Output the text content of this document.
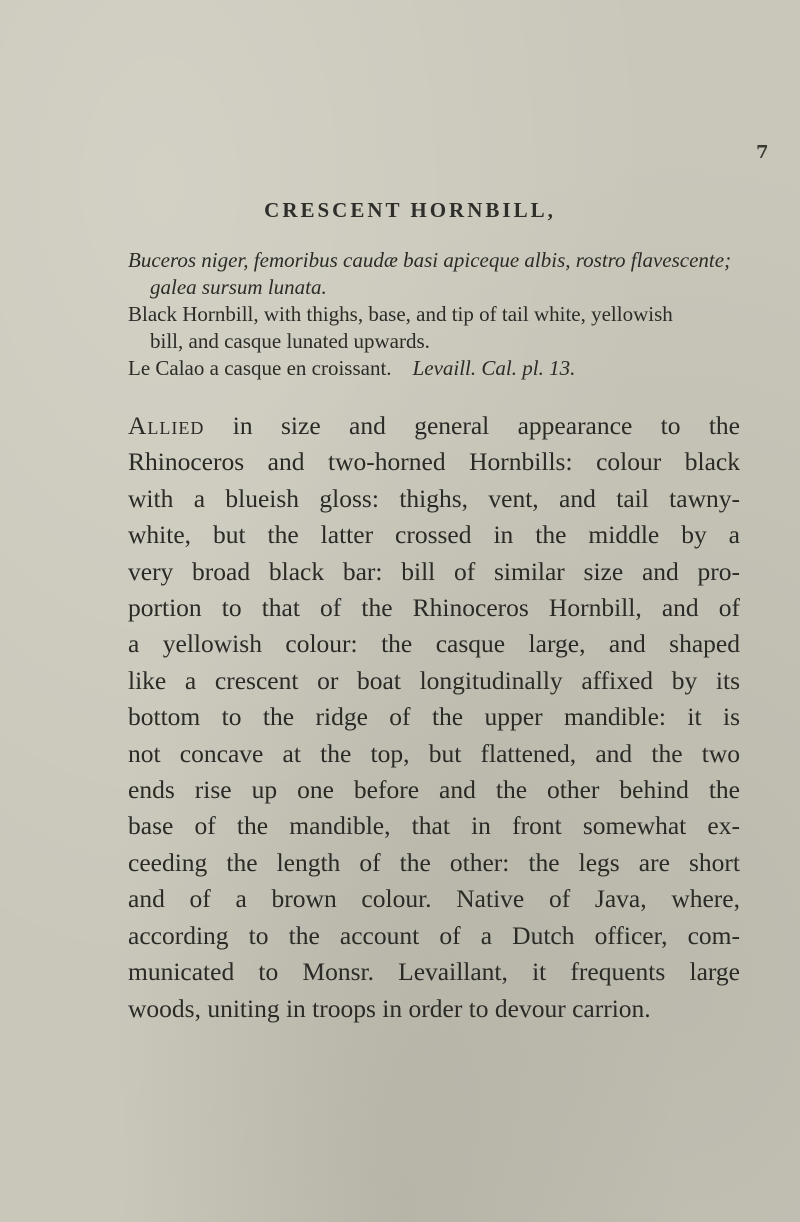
7
CRESCENT HORNBILL,
Buceros niger, femoribus caudæ basi apiceque albis, rostro flavescente;
galea sursum lunata.
Black Hornbill, with thighs, base, and tip of tail white, yellowish
bill, and casque lunated upwards.
Le Calao a casque en croissant. Levaill. Cal. pl. 13.
Allied in size and general appearance to the
Rhinoceros and two-horned Hornbills: colour black
with a blueish gloss: thighs, vent, and tail tawny-
white, but the latter crossed in the middle by a
very broad black bar: bill of similar size and pro-
portion to that of the Rhinoceros Hornbill, and of
a yellowish colour: the casque large, and shaped
like a crescent or boat longitudinally affixed by its
bottom to the ridge of the upper mandible: it is
not concave at the top, but flattened, and the two
ends rise up one before and the other behind the
base of the mandible, that in front somewhat ex-
ceeding the length of the other: the legs are short
and of a brown colour. Native of Java, where,
according to the account of a Dutch officer, com-
municated to Monsr. Levaillant, it frequents large
woods, uniting in troops in order to devour carrion.
